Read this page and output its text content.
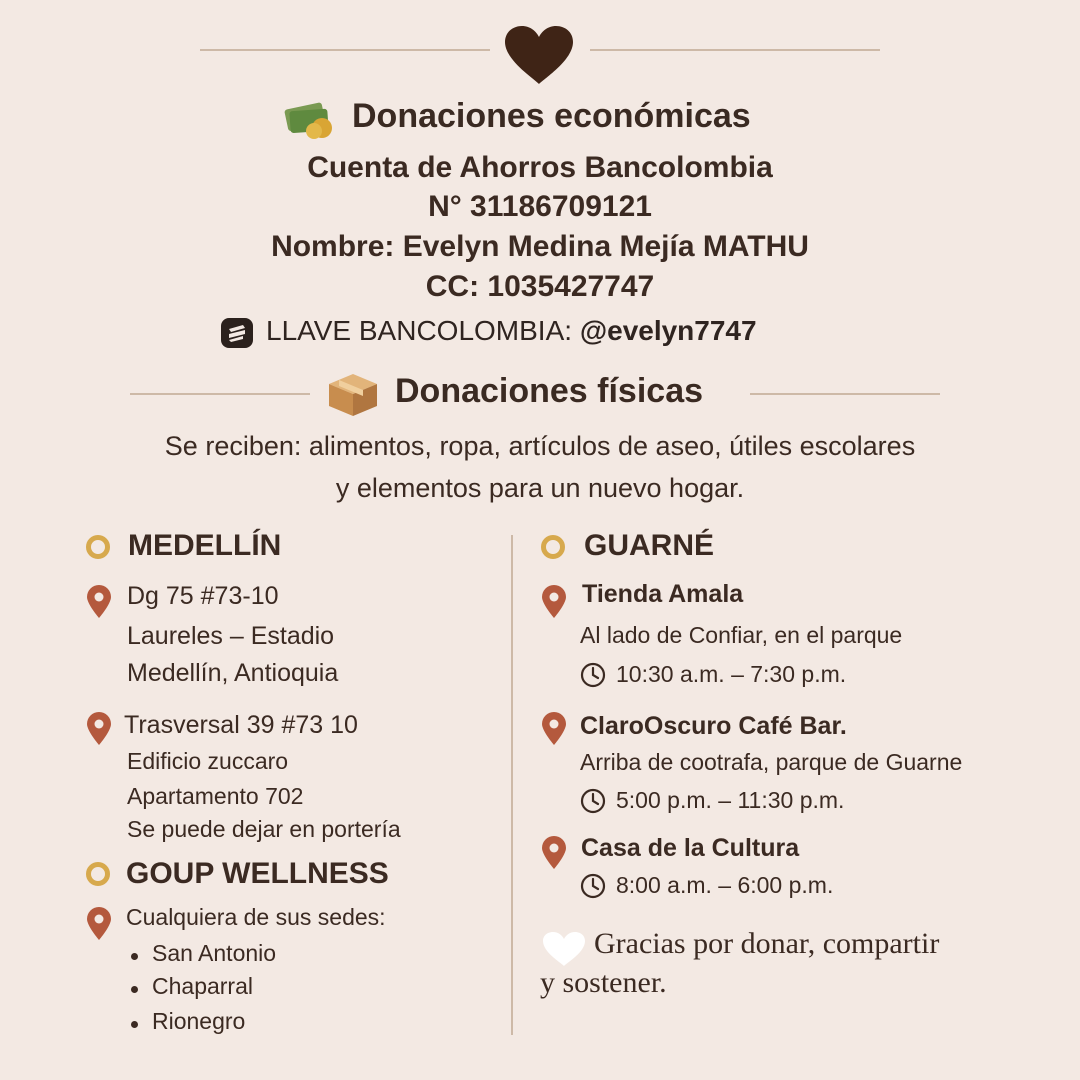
Donaciones económicas
Cuenta de Ahorros Bancolombia
N° 31186709121
Nombre: Evelyn Medina Mejía MATHU
CC: 1035427747
LLAVE BANCOLOMBIA: @evelyn7747
Donaciones físicas
Se reciben: alimentos, ropa, artículos de aseo, útiles escolares
y elementos para un nuevo hogar.
MEDELLÍN
Dg 75 #73-10
Laureles – Estadio
Medellín, Antioquia
Trasversal 39 #73 10
Edificio zuccaro
Apartamento 702
Se puede dejar en portería
GOUP WELLNESS
Cualquiera de sus sedes:
San Antonio
Chaparral
Rionegro
GUARNÉ
Tienda Amala
Al lado de Confiar, en el parque
10:30 a.m. – 7:30 p.m.
ClaroOscuro Café Bar.
Arriba de cootrafa, parque de Guarne
5:00 p.m. – 11:30 p.m.
Casa de la Cultura
8:00 a.m. – 6:00 p.m.
Gracias por donar, compartir
y sostener.
